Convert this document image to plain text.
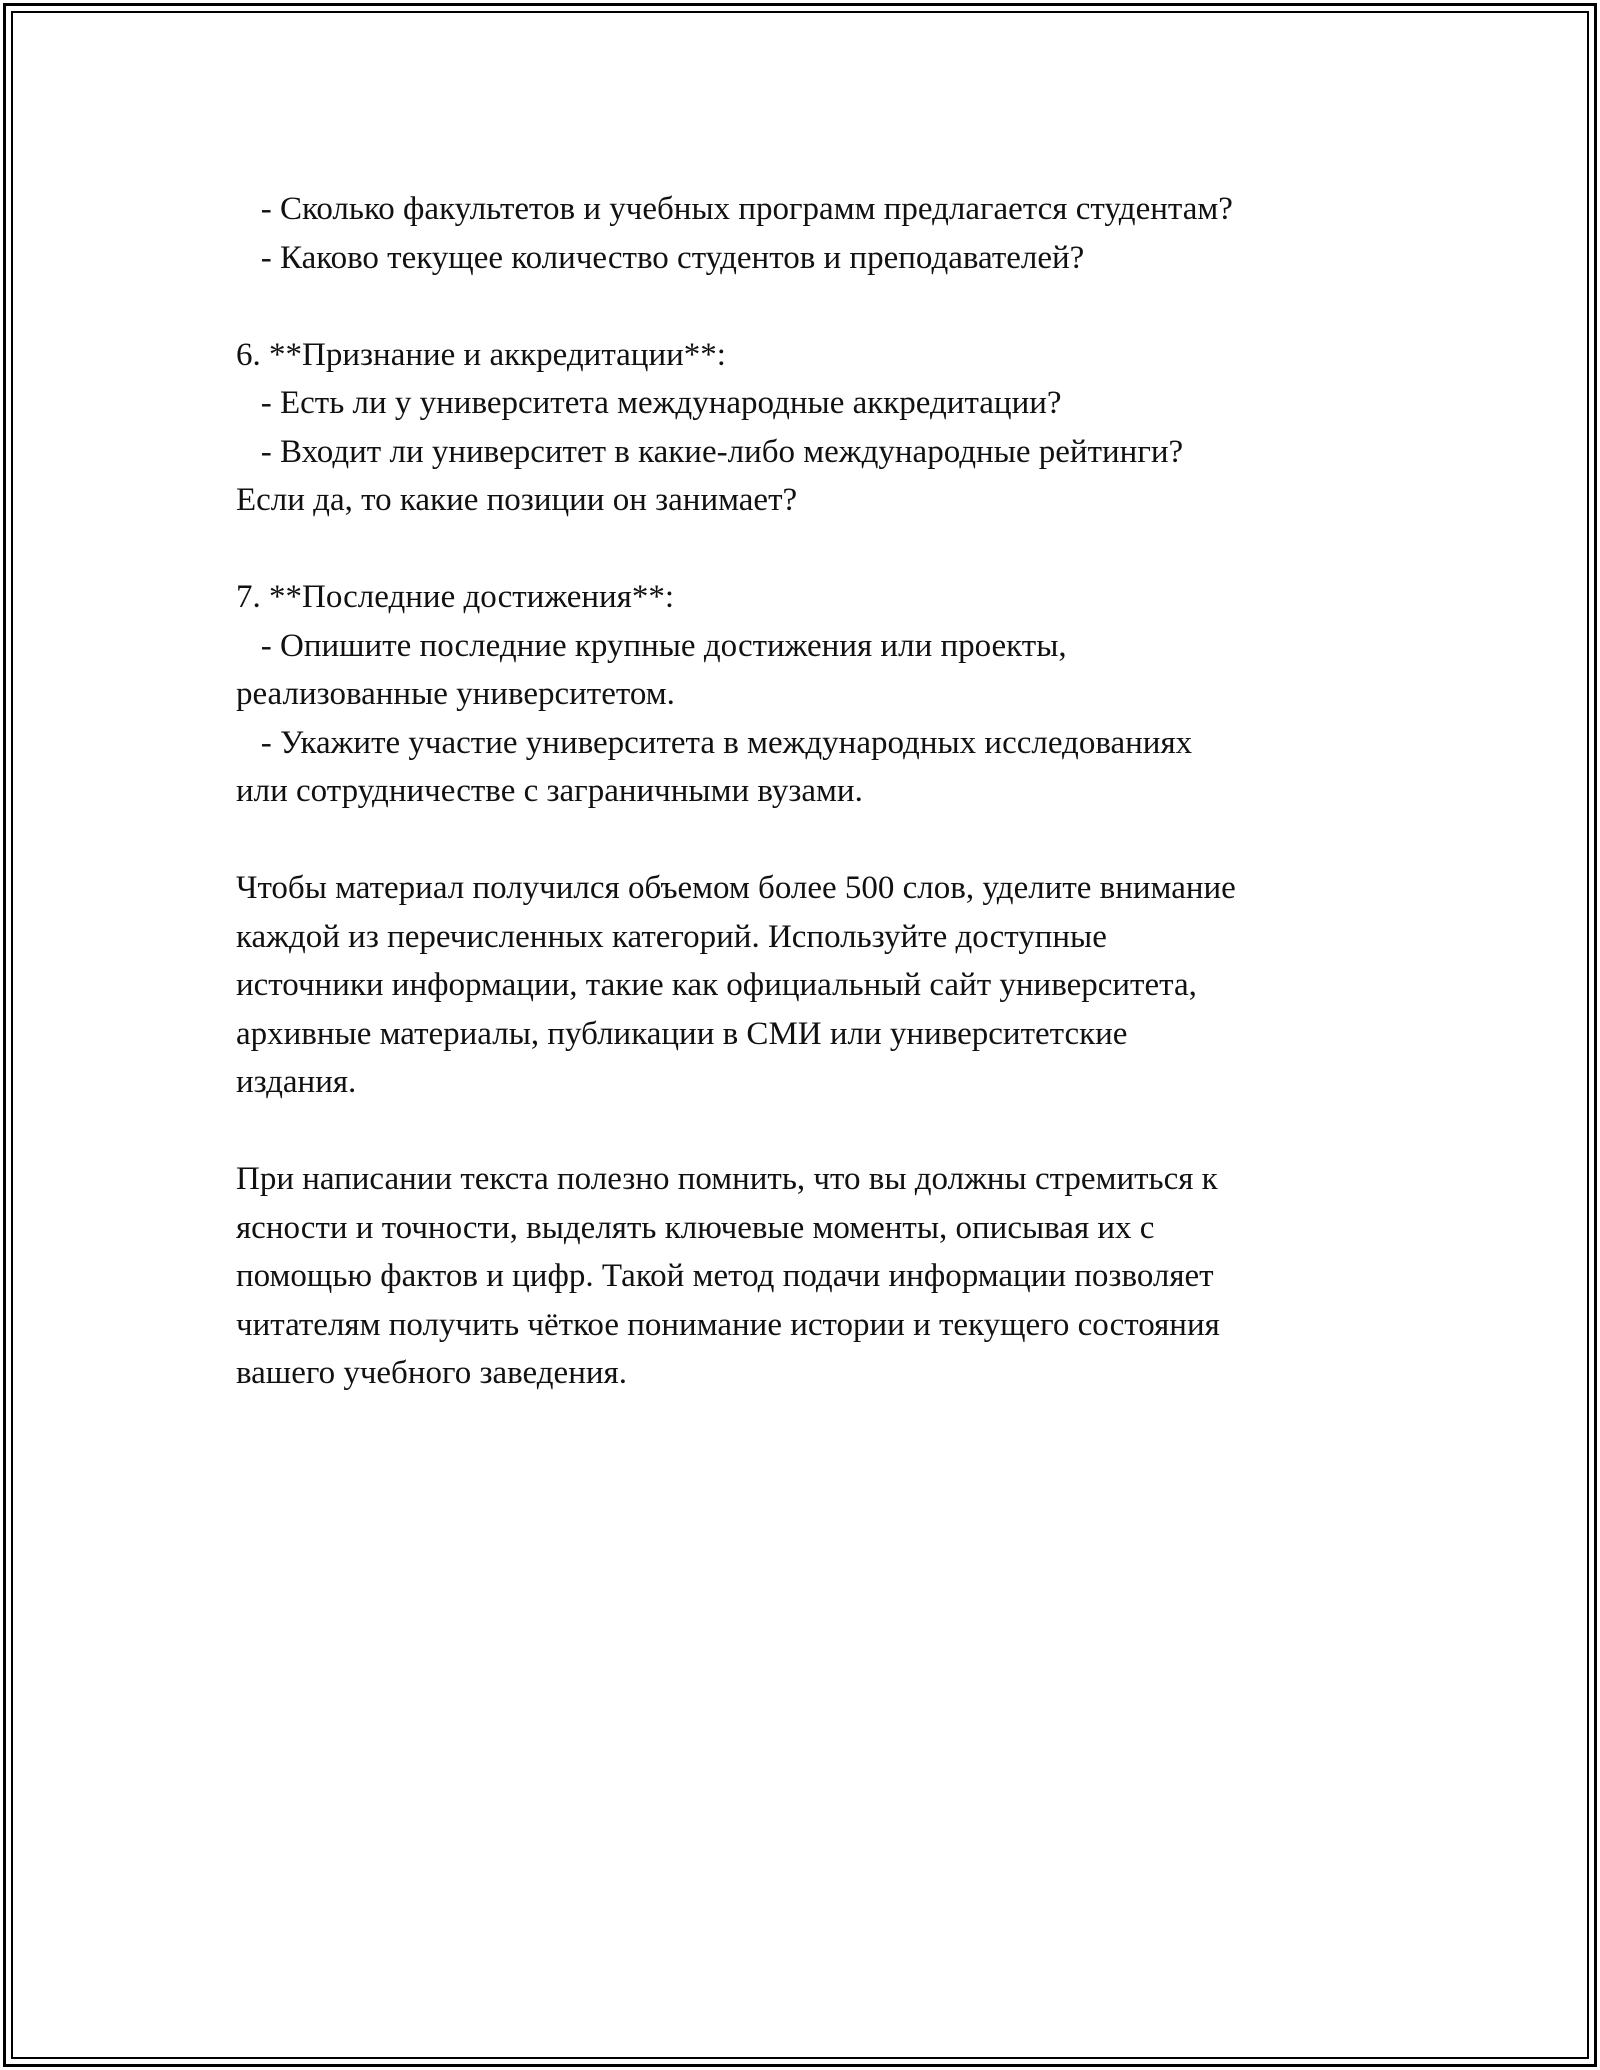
- Сколько факультетов и учебных программ предлагается студентам?

- Каково текущее количество студентов и преподавателей?

6. **Признание и аккредитации**:

- Есть ли у университета международные аккредитации?

- Входит ли университет в какие-либо международные рейтинги?

Если да, то какие позиции он занимает?

7. **Последние достижения**:

- Опишите последние крупные достижения или проекты,

реализованные университетом.

- Укажите участие университета в международных исследованиях

или сотрудничестве с заграничными вузами.

Чтобы материал получился объемом более 500 слов, уделите внимание

каждой из перечисленных категорий. Используйте доступные

источники информации, такие как официальный сайт университета,

архивные материалы, публикации в СМИ или университетские

издания.

При написании текста полезно помнить, что вы должны стремиться к

ясности и точности, выделять ключевые моменты, описывая их с

помощью фактов и цифр. Такой метод подачи информации позволяет

читателям получить чёткое понимание истории и текущего состояния

вашего учебного заведения.
